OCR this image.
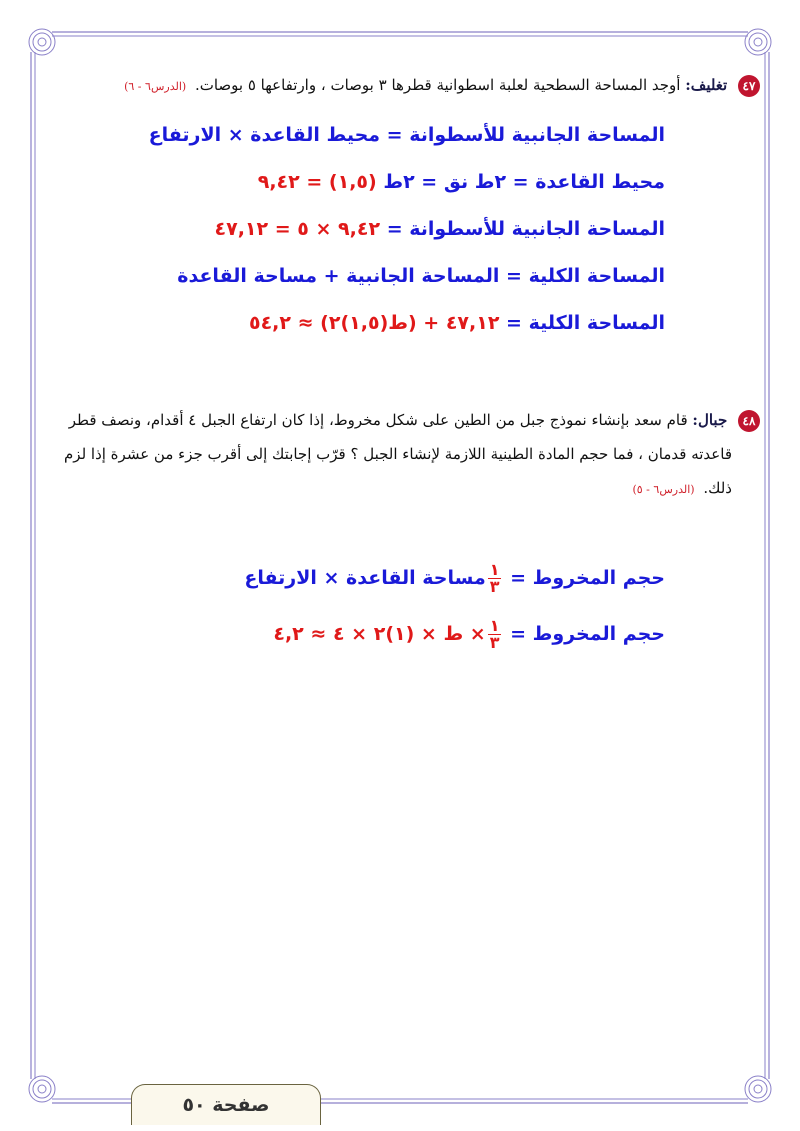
٤٧ تغليف: أوجد المساحة السطحية لعلبة اسطوانية قطرها ٣ بوصات ، وارتفاعها ٥ بوصات. (الدرس٦ - ٦)
المساحة الجانبية للأسطوانة = محيط القاعدة × الارتفاع
محيط القاعدة = ٢ط نق = ٢ط (١,٥) = ٩,٤٢
المساحة الجانبية للأسطوانة = ٩,٤٢ × ٥ = ٤٧,١٢
المساحة الكلية = المساحة الجانبية + مساحة القاعدة
المساحة الكلية = ٤٧,١٢ + (ط(١,٥)٢) ≈ ٥٤,٢
٤٨ جبال: قام سعد بإنشاء نموذج جبل من الطين على شكل مخروط، إذا كان ارتفاع الجبل ٤ أقدام، ونصف قطر
قاعدته قدمان ، فما حجم المادة الطينية اللازمة لإنشاء الجبل ؟ قرّب إجابتك إلى أقرب جزء من عشرة إذا لزم
ذلك. (الدرس٦ - ٥)
حجم المخروط =
$\frac{١}{٣}$
مساحة القاعدة × الارتفاع
حجم المخروط =
$\frac{١}{٣}$
× ط × (١)٢ × ٤ ≈ ٤,٢
صفحة ٥٠
